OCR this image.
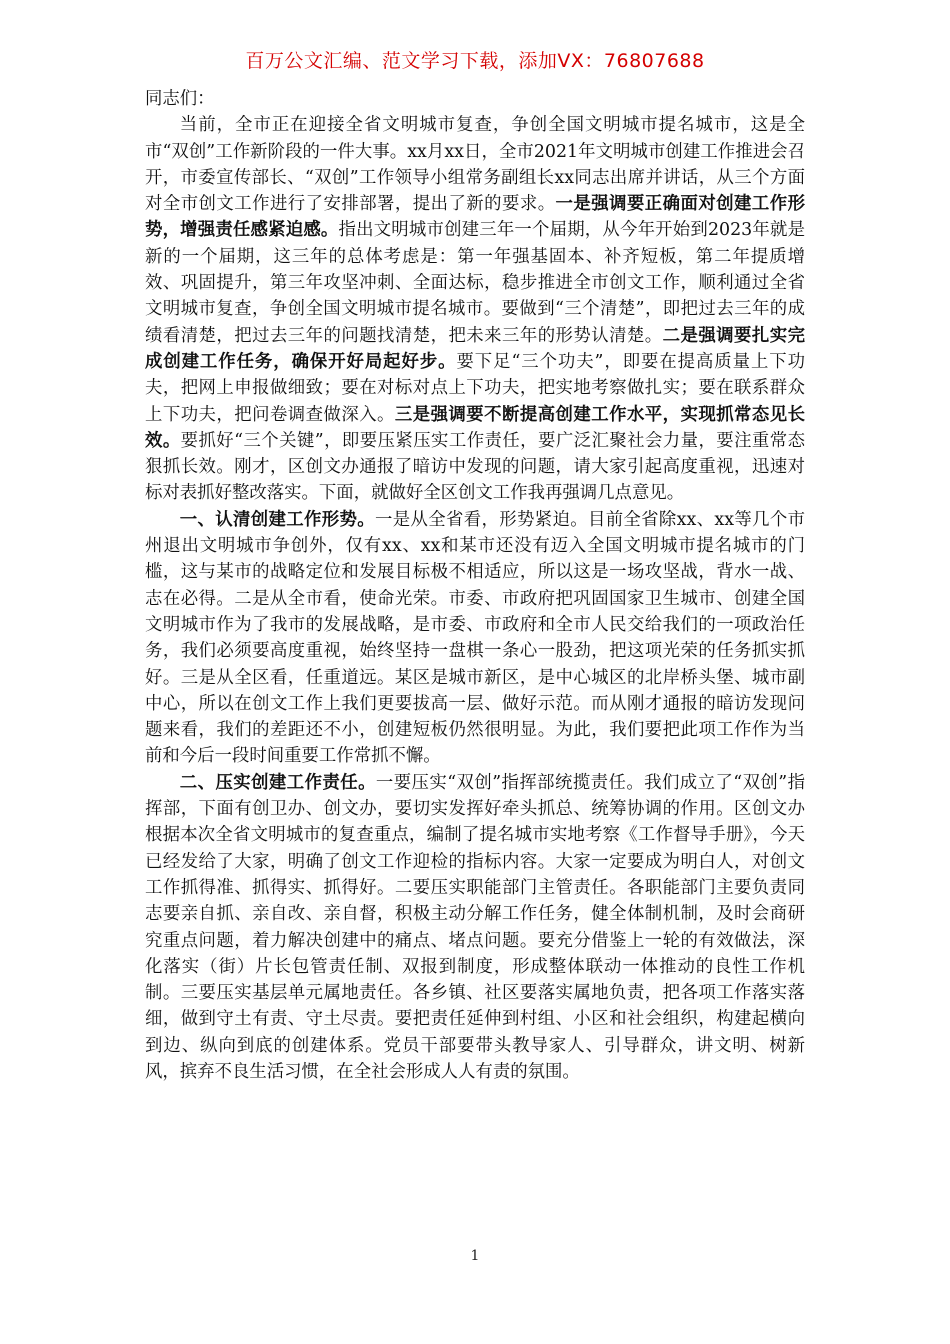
百万公文汇编、范文学习下载，添加VX：76807688

同志们：

当前，全市正在迎接全省文明城市复查，争创全国文明城市提名城市，这是全市“双创”工作新阶段的一件大事。xx月xx日，全市2021年文明城市创建工作推进会召开，市委宣传部长、“双创”工作领导小组常务副组长xx同志出席并讲话，从三个方面对全市创文工作进行了安排部署，提出了新的要求。一是强调要正确面对创建工作形势，增强责任感紧迫感。指出文明城市创建三年一个届期，从今年开始到2023年就是新的一个届期，这三年的总体考虑是：第一年强基固本、补齐短板，第二年提质增效、巩固提升，第三年攻坚冲刺、全面达标，稳步推进全市创文工作，顺利通过全省文明城市复查，争创全国文明城市提名城市。要做到“三个清楚”，即把过去三年的成绩看清楚，把过去三年的问题找清楚，把未来三年的形势认清楚。二是强调要扎实完成创建工作任务，确保开好局起好步。要下足“三个功夫”，即要在提高质量上下功夫，把网上申报做细致；要在对标对点上下功夫，把实地考察做扎实；要在联系群众上下功夫，把问卷调查做深入。三是强调要不断提高创建工作水平，实现抓常态见长效。要抓好“三个关键”，即要压紧压实工作责任，要广泛汇聚社会力量，要注重常态狠抓长效。刚才，区创文办通报了暗访中发现的问题，请大家引起高度重视，迅速对标对表抓好整改落实。下面，就做好全区创文工作我再强调几点意见。

一、认清创建工作形势。一是从全省看，形势紧迫。目前全省除xx、xx等几个市州退出文明城市争创外，仅有xx、xx和某市还没有迈入全国文明城市提名城市的门槛，这与某市的战略定位和发展目标极不相适应，所以这是一场攻坚战，背水一战、志在必得。二是从全市看，使命光荣。市委、市政府把巩固国家卫生城市、创建全国文明城市作为了我市的发展战略，是市委、市政府和全市人民交给我们的一项政治任务，我们必须要高度重视，始终坚持一盘棋一条心一股劲，把这项光荣的任务抓实抓好。三是从全区看，任重道远。某区是城市新区，是中心城区的北岸桥头堡、城市副中心，所以在创文工作上我们更要拔高一层、做好示范。而从刚才通报的暗访发现问题来看，我们的差距还不小，创建短板仍然很明显。为此，我们要把此项工作作为当前和今后一段时间重要工作常抓不懈。

二、压实创建工作责任。一要压实“双创”指挥部统揽责任。我们成立了“双创”指挥部，下面有创卫办、创文办，要切实发挥好牵头抓总、统筹协调的作用。区创文办根据本次全省文明城市的复查重点，编制了提名城市实地考察《工作督导手册》，今天已经发给了大家，明确了创文工作迎检的指标内容。大家一定要成为明白人，对创文工作抓得准、抓得实、抓得好。二要压实职能部门主管责任。各职能部门主要负责同志要亲自抓、亲自改、亲自督，积极主动分解工作任务，健全体制机制，及时会商研究重点问题，着力解决创建中的痛点、堵点问题。要充分借鉴上一轮的有效做法，深化落实（街）片长包管责任制、双报到制度，形成整体联动一体推动的良性工作机制。三要压实基层单元属地责任。各乡镇、社区要落实属地负责，把各项工作落实落细，做到守土有责、守土尽责。要把责任延伸到村组、小区和社会组织，构建起横向到边、纵向到底的创建体系。党员干部要带头教导家人、引导群众，讲文明、树新风，摈弃不良生活习惯，在全社会形成人人有责的氛围。

1
